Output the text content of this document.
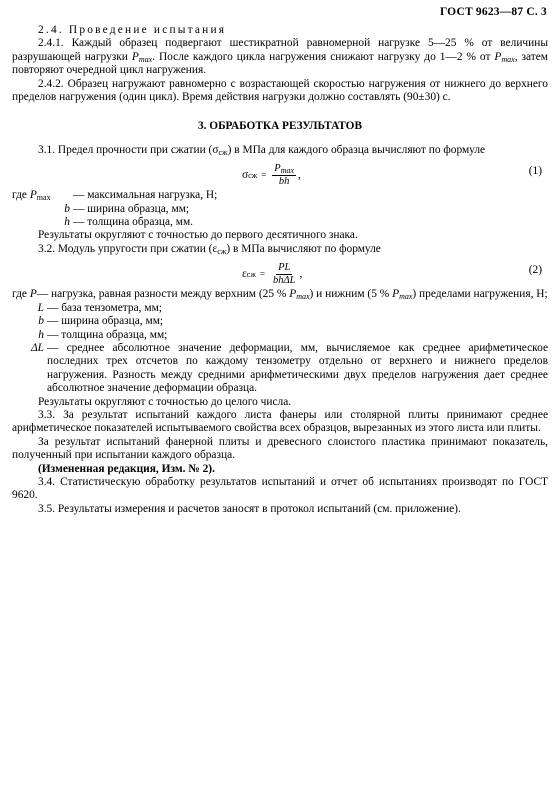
ГОСТ 9623—87 С. 3

2.4. Проведение испытания

2.4.1. Каждый образец подвергают шестикратной равномерной нагрузке 5—25 % от величины разрушающей нагрузки $P_{max}$. После каждого цикла нагружения снижают нагрузку до 1—2 % от $P_{max}$, затем повторяют очередной цикл нагружения.

2.4.2. Образец нагружают равномерно с возрастающей скоростью нагружения от нижнего до верхнего пределов нагружения (один цикл). Время действия нагрузки должно составлять (90±30) с.

3. ОБРАБОТКА РЕЗУЛЬТАТОВ

3.1. Предел прочности при сжатии $(\sigma_{сж})$ в МПа для каждого образца вычисляют по формуле

σ сж = $\frac{P_{max}}{bh}$ ,	(1)
где $P_{max}$	— максимальная нагрузка, Н;
b — ширина образца, мм;
h — толщина образца, мм.

Результаты округляют с точностью до первого десятичного знака.

3.2. Модуль упругости при сжатии $(\varepsilon_{сж})$ в МПа вычисляют по формуле

ε сж = $\frac{PL}{\text{bhΔL}}$ ,	(2)
где P — нагрузка, равная разности между верхним (25 % $P_{max}$) и нижним (5 % $P_{max}$) пределами нагружения, Н;
L — база тензометра, мм;
b — ширина образца, мм;
h — толщина образца, мм;
ΔL — среднее абсолютное значение деформации, мм, вычисляемое как среднее арифметическое последних трех отсчетов по каждому тензометру отдельно от верхнего и нижнего пределов нагружения. Разность между средними арифметическими двух пределов нагружения дает среднее абсолютное значение деформации образца.

Результаты округляют с точностью до целого числа.

3.3. За результат испытаний каждого листа фанеры или столярной плиты принимают среднее арифметическое показателей испытываемого свойства всех образцов, вырезанных из этого листа или плиты.

За результат испытаний фанерной плиты и древесного слоистого пластика принимают показатель, полученный при испытании каждого образца.

(Измененная редакция, Изм. № 2).

3.4. Статистическую обработку результатов испытаний и отчет об испытаниях производят по ГОСТ 9620.

3.5. Результаты измерения и расчетов заносят в протокол испытаний (см. приложение).
